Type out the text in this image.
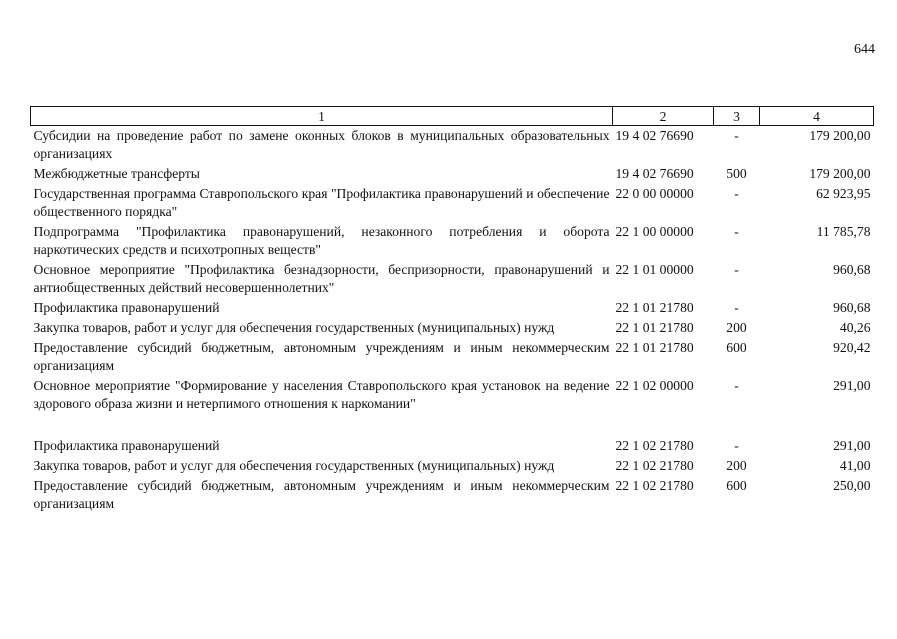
644
1	2	3	4
Субсидии на проведение работ по замене оконных блоков в муниципальных образовательных организациях	19 4 02 76690	-	179 200,00
Межбюджетные трансферты	19 4 02 76690	500	179 200,00
Государственная программа Ставропольского края "Профилактика правонарушений и обеспечение общественного порядка"	22 0 00 00000	-	62 923,95
Подпрограмма "Профилактика правонарушений, незаконного потребления и оборота наркотических средств и психотропных веществ"	22 1 00 00000	-	11 785,78
Основное мероприятие "Профилактика безнадзорности, беспризорности, правонарушений и антиобщественных действий несовершеннолетних"	22 1 01 00000	-	960,68
Профилактика правонарушений	22 1 01 21780	-	960,68
Закупка товаров, работ и услуг для обеспечения государственных (муниципальных) нужд	22 1 01 21780	200	40,26
Предоставление субсидий бюджетным, автономным учреждениям и иным некоммерческим организациям	22 1 01 21780	600	920,42
Основное мероприятие "Формирование у населения Ставропольского края установок на ведение здорового образа жизни и нетерпимого отношения к наркомании"	22 1 02 00000	-	291,00

Профилактика правонарушений	22 1 02 21780	-	291,00
Закупка товаров, работ и услуг для обеспечения государственных (муниципальных) нужд	22 1 02 21780	200	41,00
Предоставление субсидий бюджетным, автономным учреждениям и иным некоммерческим организациям	22 1 02 21780	600	250,00
